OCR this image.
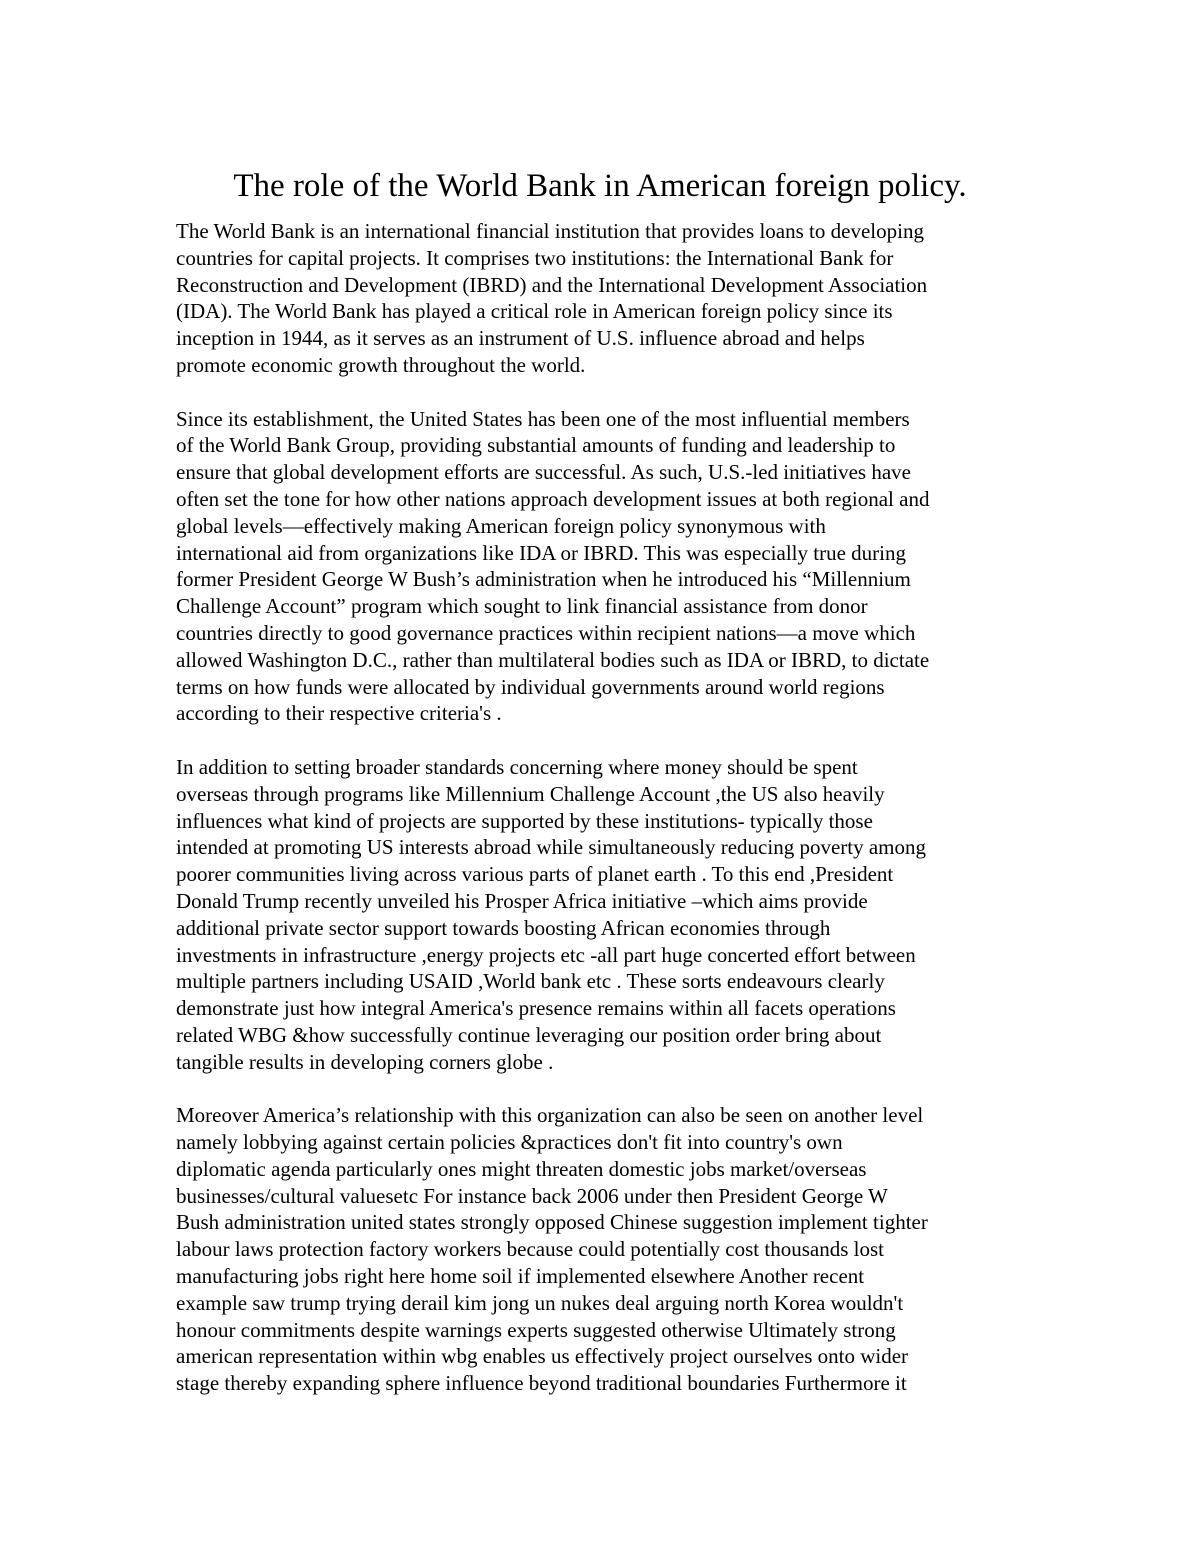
The role of the World Bank in American foreign policy.

The World Bank is an international financial institution that provides loans to developing
countries for capital projects. It comprises two institutions: the International Bank for
Reconstruction and Development (IBRD) and the International Development Association
(IDA). The World Bank has played a critical role in American foreign policy since its
inception in 1944, as it serves as an instrument of U.S. influence abroad and helps
promote economic growth throughout the world.

Since its establishment, the United States has been one of the most influential members
of the World Bank Group, providing substantial amounts of funding and leadership to
ensure that global development efforts are successful. As such, U.S.-led initiatives have
often set the tone for how other nations approach development issues at both regional and
global levels—effectively making American foreign policy synonymous with
international aid from organizations like IDA or IBRD. This was especially true during
former President George W Bush’s administration when he introduced his “Millennium
Challenge Account” program which sought to link financial assistance from donor
countries directly to good governance practices within recipient nations—a move which
allowed Washington D.C., rather than multilateral bodies such as IDA or IBRD, to dictate
terms on how funds were allocated by individual governments around world regions
according to their respective criteria's .

In addition to setting broader standards concerning where money should be spent
overseas through programs like Millennium Challenge Account ,the US also heavily
influences what kind of projects are supported by these institutions- typically those
intended at promoting US interests abroad while simultaneously reducing poverty among
poorer communities living across various parts of planet earth . To this end ,President
Donald Trump recently unveiled his Prosper Africa initiative –which aims provide
additional private sector support towards boosting African economies through
investments in infrastructure ,energy projects etc -all part huge concerted effort between
multiple partners including USAID ,World bank etc . These sorts endeavours clearly
demonstrate just how integral America's presence remains within all facets operations
related WBG &how successfully continue leveraging our position order bring about
tangible results in developing corners globe .

Moreover America’s relationship with this organization can also be seen on another level
namely lobbying against certain policies &practices don't fit into country's own
diplomatic agenda particularly ones might threaten domestic jobs market/overseas
businesses/cultural valuesetc For instance back 2006 under then President George W
Bush administration united states strongly opposed Chinese suggestion implement tighter
labour laws protection factory workers because could potentially cost thousands lost
manufacturing jobs right here home soil if implemented elsewhere Another recent
example saw trump trying derail kim jong un nukes deal arguing north Korea wouldn't
honour commitments despite warnings experts suggested otherwise Ultimately strong
american representation within wbg enables us effectively project ourselves onto wider
stage thereby expanding sphere influence beyond traditional boundaries Furthermore it
